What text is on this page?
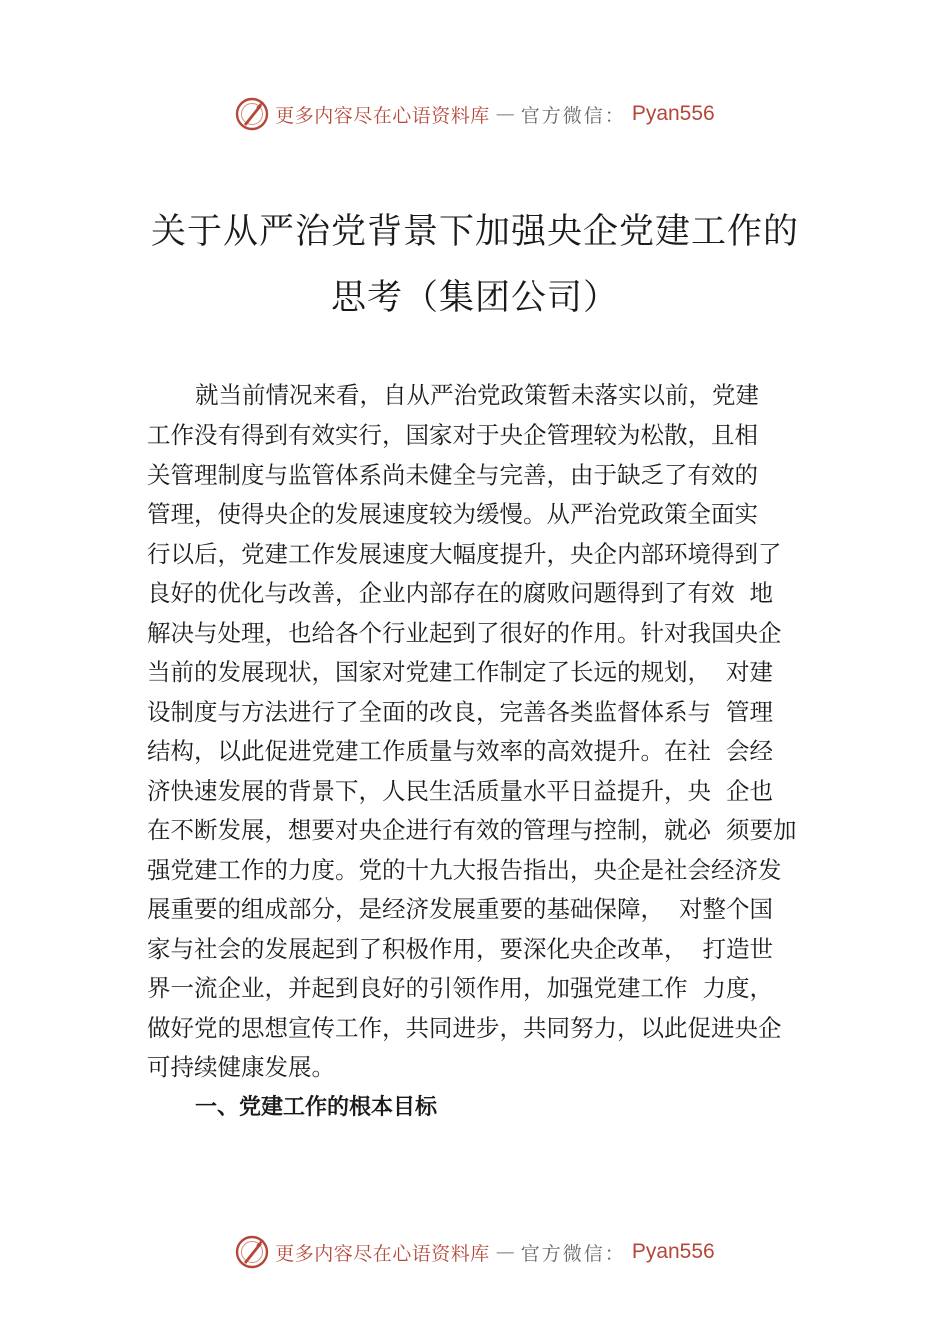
更多内容尽在心语资料库 — 官方微信： Pyan556
关于从严治党背景下加强央企党建工作的
思考（集团公司）
就当前情况来看，自从严治党政策暂未落实以前，党建
工作没有得到有效实行，国家对于央企管理较为松散，且相
关管理制度与监管体系尚未健全与完善，由于缺乏了有效的
管理，使得央企的发展速度较为缓慢。从严治党政策全面实
行以后，党建工作发展速度大幅度提升，央企内部环境得到了
良好的优化与改善，企业内部存在的腐败问题得到了有效  地
解决与处理，也给各个行业起到了很好的作用。针对我国央企
当前的发展现状，国家对党建工作制定了长远的规划，  对建
设制度与方法进行了全面的改良，完善各类监督体系与  管理
结构，以此促进党建工作质量与效率的高效提升。在社  会经
济快速发展的背景下，人民生活质量水平日益提升，央  企也
在不断发展，想要对央企进行有效的管理与控制，就必  须要加
强党建工作的力度。党的十九大报告指出，央企是社会经济发
展重要的组成部分，是经济发展重要的基础保障，  对整个国
家与社会的发展起到了积极作用，要深化央企改革，  打造世
界一流企业，并起到良好的引领作用，加强党建工作  力度，
做好党的思想宣传工作，共同进步，共同努力，以此促进央企
可持续健康发展。
一、党建工作的根本目标
更多内容尽在心语资料库 — 官方微信： Pyan556
